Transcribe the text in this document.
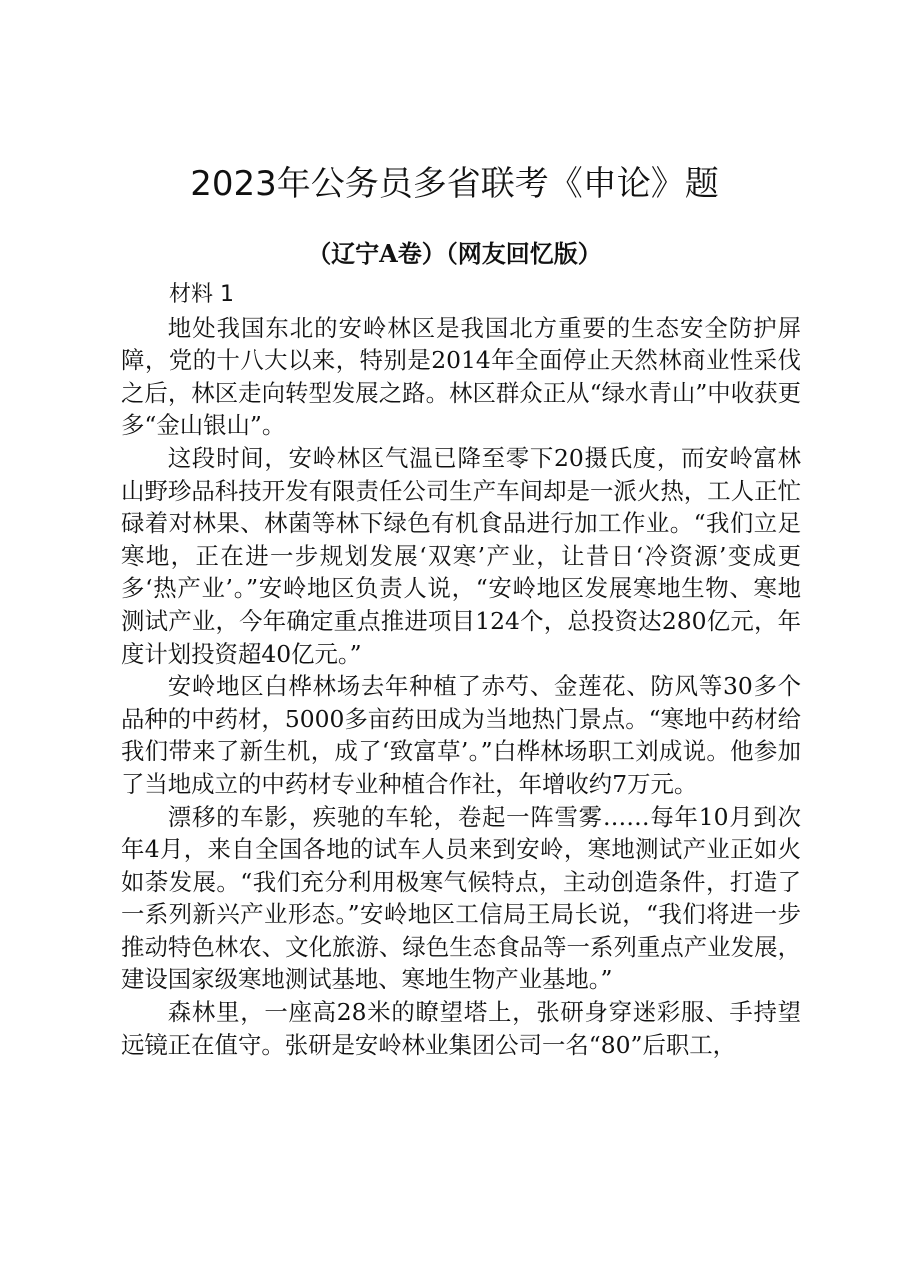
2023年公务员多省联考《申论》题
（辽宁A卷）（网友回忆版）

材料 1

地处我国东北的安岭林区是我国北方重要的生态安全防护屏障，党的十八大以来，特别是2014年全面停止天然林商业性采伐之后，林区走向转型发展之路。林区群众正从“绿水青山”中收获更多“金山银山”。

这段时间，安岭林区气温已降至零下20摄氏度，而安岭富林山野珍品科技开发有限责任公司生产车间却是一派火热，工人正忙碌着对林果、林菌等林下绿色有机食品进行加工作业。“我们立足寒地，正在进一步规划发展‘双寒’产业，让昔日‘冷资源’变成更多‘热产业’。”安岭地区负责人说，“安岭地区发展寒地生物、寒地测试产业，今年确定重点推进项目124个，总投资达280亿元，年度计划投资超40亿元。”

安岭地区白桦林场去年种植了赤芍、金莲花、防风等30多个品种的中药材，5000多亩药田成为当地热门景点。“寒地中药材给我们带来了新生机，成了‘致富草’。”白桦林场职工刘成说。他参加了当地成立的中药材专业种植合作社，年增收约7万元。

漂移的车影，疾驰的车轮，卷起一阵雪雾……每年10月到次年4月，来自全国各地的试车人员来到安岭，寒地测试产业正如火如荼发展。“我们充分利用极寒气候特点，主动创造条件，打造了一系列新兴产业形态。”安岭地区工信局王局长说，“我们将进一步推动特色林农、文化旅游、绿色生态食品等一系列重点产业发展，建设国家级寒地测试基地、寒地生物产业基地。”

森林里，一座高28米的瞭望塔上，张研身穿迷彩服、手持望远镜正在值守。张研是安岭林业集团公司一名“80”后职工，
